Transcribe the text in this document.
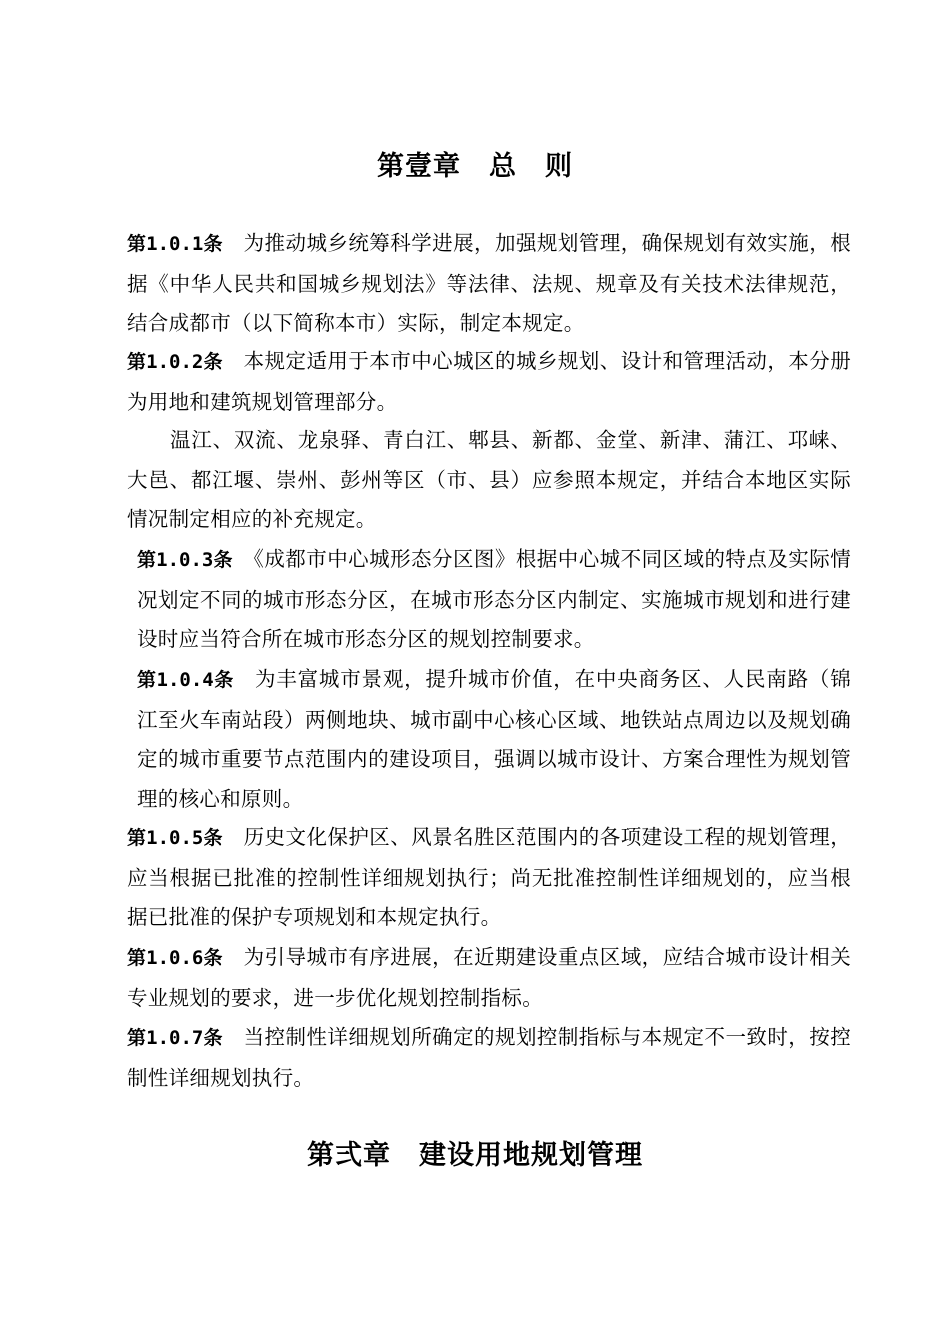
第壹章　总　则
第1.0.1条　为推动城乡统筹科学进展，加强规划管理，确保规划有效实施，根据《中华人民共和国城乡规划法》等法律、法规、规章及有关技术法律规范，结合成都市（以下简称本市）实际，制定本规定。
第1.0.2条　本规定适用于本市中心城区的城乡规划、设计和管理活动，本分册为用地和建筑规划管理部分。
温江、双流、龙泉驿、青白江、郫县、新都、金堂、新津、蒲江、邛崃、大邑、都江堰、崇州、彭州等区（市、县）应参照本规定，并结合本地区实际情况制定相应的补充规定。
第1.0.3条　《成都市中心城形态分区图》根据中心城不同区域的特点及实际情况划定不同的城市形态分区，在城市形态分区内制定、实施城市规划和进行建设时应当符合所在城市形态分区的规划控制要求。
第1.0.4条　为丰富城市景观，提升城市价值，在中央商务区、人民南路（锦江至火车南站段）两侧地块、城市副中心核心区域、地铁站点周边以及规划确定的城市重要节点范围内的建设项目，强调以城市设计、方案合理性为规划管理的核心和原则。
第1.0.5条　历史文化保护区、风景名胜区范围内的各项建设工程的规划管理，应当根据已批准的控制性详细规划执行；尚无批准控制性详细规划的，应当根据已批准的保护专项规划和本规定执行。
第1.0.6条　为引导城市有序进展，在近期建设重点区域，应结合城市设计相关专业规划的要求，进一步优化规划控制指标。
第1.0.7条　当控制性详细规划所确定的规划控制指标与本规定不一致时，按控制性详细规划执行。
第弍章　建设用地规划管理
